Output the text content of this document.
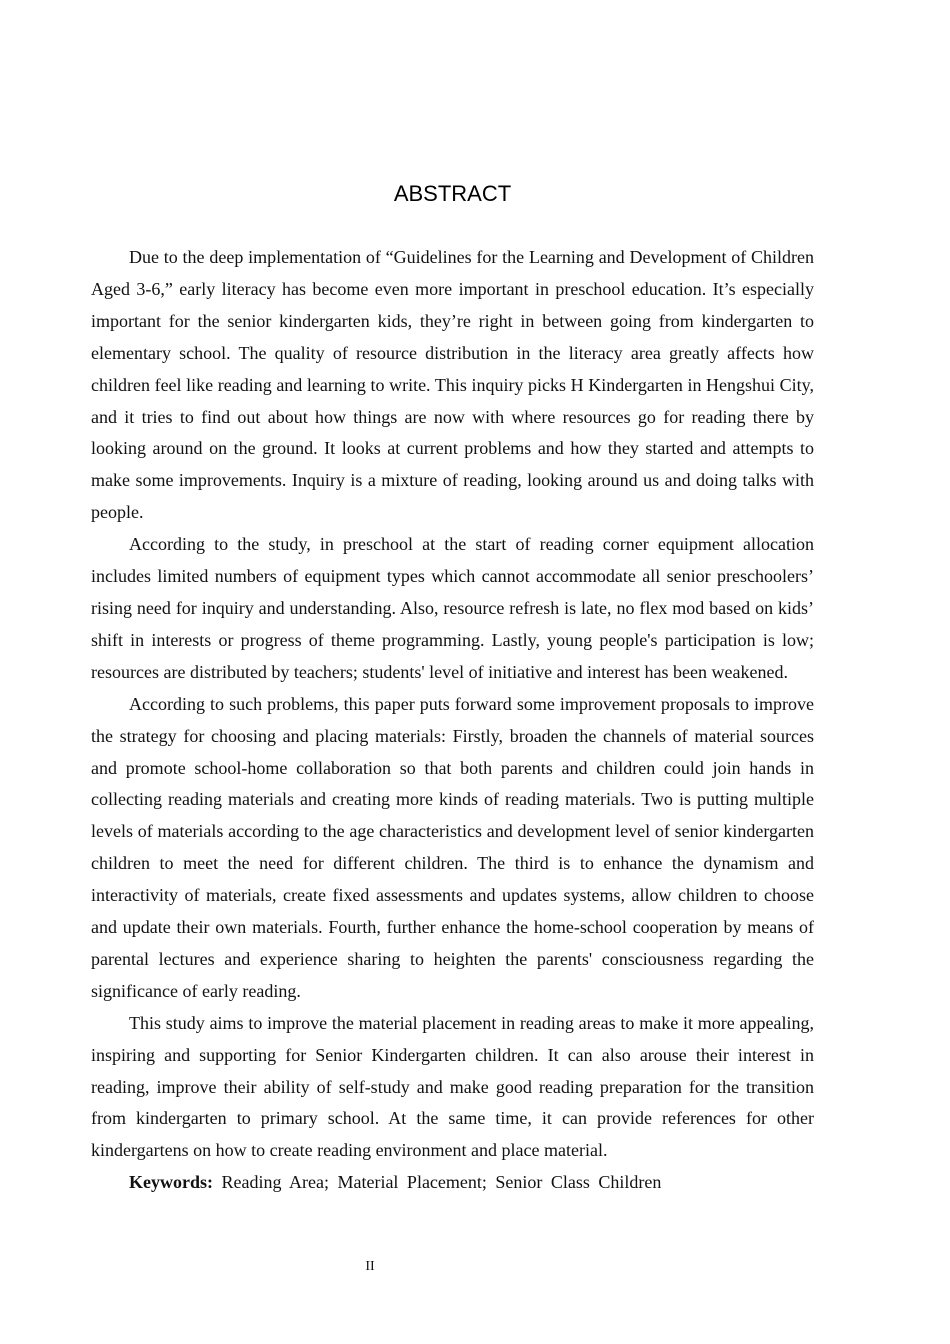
ABSTRACT

Due to the deep implementation of “Guidelines for the Learning and Development of Children Aged 3-6,” early literacy has become even more important in preschool education. It’s especially important for the senior kindergarten kids, they’re right in between going from kindergarten to elementary school. The quality of resource distribution in the literacy area greatly affects how children feel like reading and learning to write. This inquiry picks H Kindergarten in Hengshui City, and it tries to find out about how things are now with where resources go for reading there by looking around on the ground. It looks at current problems and how they started and attempts to make some improvements. Inquiry is a mixture of reading, looking around us and doing talks with people.

According to the study, in preschool at the start of reading corner equipment allocation includes limited numbers of equipment types which cannot accommodate all senior preschoolers’ rising need for inquiry and understanding. Also, resource refresh is late, no flex mod based on kids’ shift in interests or progress of theme programming. Lastly, young people's participation is low; resources are distributed by teachers; students' level of initiative and interest has been weakened.

According to such problems, this paper puts forward some improvement proposals to improve the strategy for choosing and placing materials: Firstly, broaden the channels of material sources and promote school-home collaboration so that both parents and children could join hands in collecting reading materials and creating more kinds of reading materials. Two is putting multiple levels of materials according to the age characteristics and development level of senior kindergarten children to meet the need for different children. The third is to enhance the dynamism and interactivity of materials, create fixed assessments and updates systems, allow children to choose and update their own materials. Fourth, further enhance the home-school cooperation by means of parental lectures and experience sharing to heighten the parents' consciousness regarding the significance of early reading.

This study aims to improve the material placement in reading areas to make it more appealing, inspiring and supporting for Senior Kindergarten children. It can also arouse their interest in reading, improve their ability of self-study and make good reading preparation for the transition from kindergarten to primary school. At the same time, it can provide references for other kindergartens on how to create reading environment and place material.

Keywords: Reading Area; Material Placement; Senior Class Children

II
